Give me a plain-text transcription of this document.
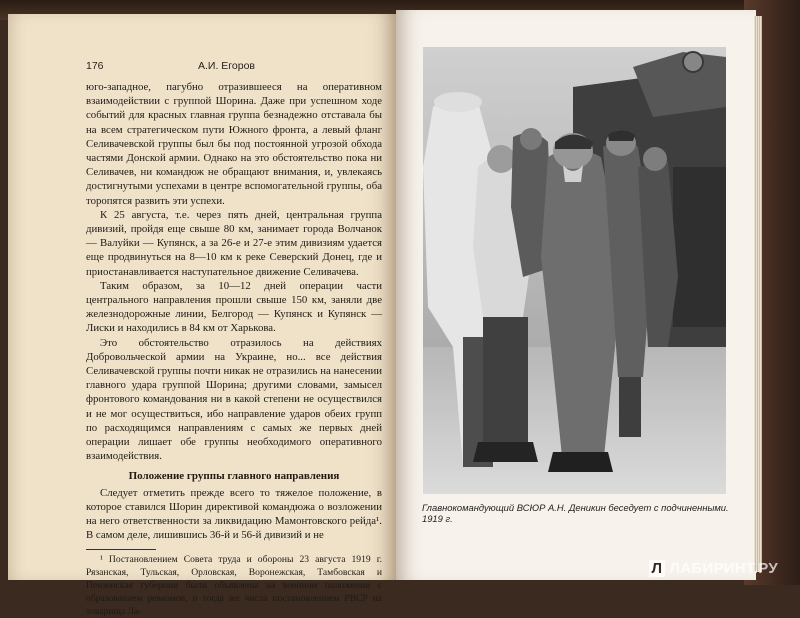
176	А.И. Егоров

юго-западное, пагубно отразившееся на оперативном взаимодействии с группой Шорина. Даже при успешном ходе событий для красных главная группа безнадежно отставала бы на всем стратегическом пути Южного фронта, а левый фланг Селивачевской группы был бы под постоянной угрозой обхода частями Донской армии. Однако на это обстоятельство пока ни Селивачев, ни командюж не обращают внимания, и, увлекаясь достигнутыми успехами в центре вспомогательной группы, оба торопятся развить эти успехи.

К 25 августа, т.е. через пять дней, центральная группа дивизий, пройдя еще свыше 80 км, занимает города Волчанок — Валуйки — Купянск, а за 26-е и 27-е этим дивизиям удается еще продвинуться на 8—10 км к реке Северский Донец, где и приостанавливается наступательное движение Селивачева.

Таким образом, за 10—12 дней операции части центрального направления прошли свыше 150 км, заняли две железнодорожные линии, Белгород — Купянск и Купянск — Лиски и находились в 84 км от Харькова.

Это обстоятельство отразилось на действиях Добровольческой армии на Украине, но... все действия Селивачевской группы почти никак не отразились на нанесении главного удара группой Шорина; другими словами, замысел фронтового командования ни в какой степени не осуществился и не мог осуществиться, ибо направление ударов обеих групп по расходящимся направлениям с самых же первых дней операции лишает обе группы необходимого оперативного взаимодействия.

Положение группы главного направления

Следует отметить прежде всего то тяжелое положение, в которое ставился Шорин директивой командюжа о возложении на него ответственности за ликвидацию Мамонтовского рейда¹. В самом деле, лишившись 36-й и 56-й дивизий и не

¹ Постановлением Совета труда и обороны 23 августа 1919 г. Рязанская, Тульская, Орловская, Воронежская, Тамбовская и Пензенская губернии были объявлены на военном положении с образованием ревкомов, и тогда же числа постановлением РВСР на товарища Ла-

Главнокомандующий ВСЮР А.Н. Деникин беседует с подчиненными. 1919 г.
Л ЛАБИРИНТ.РУ
